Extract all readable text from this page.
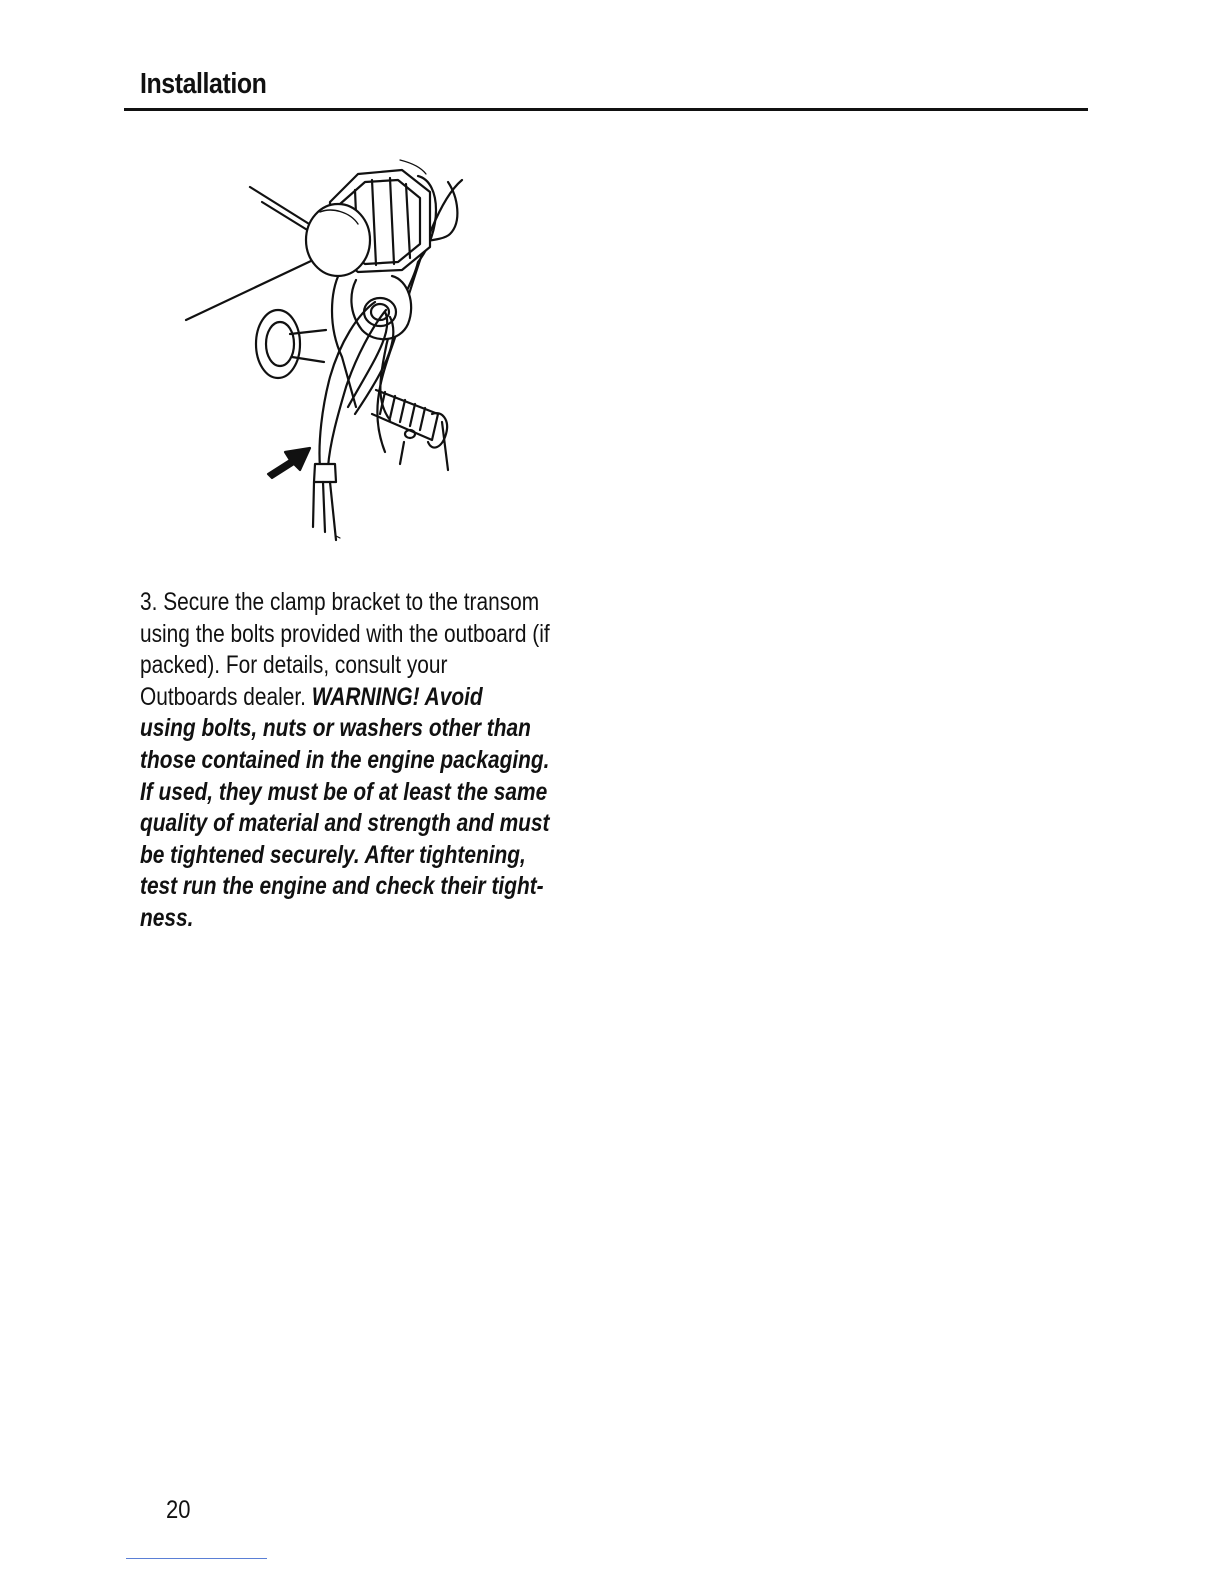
Installation
3. Secure the clamp bracket to the transom
using the bolts provided with the outboard (if
packed). For details, consult your
Outboards dealer. WARNING! Avoid
using bolts, nuts or washers other than
those contained in the engine packaging.
If used, they must be of at least the same
quality of material and strength and must
be tightened securely. After tightening,
test run the engine and check their tight-
ness.
20
